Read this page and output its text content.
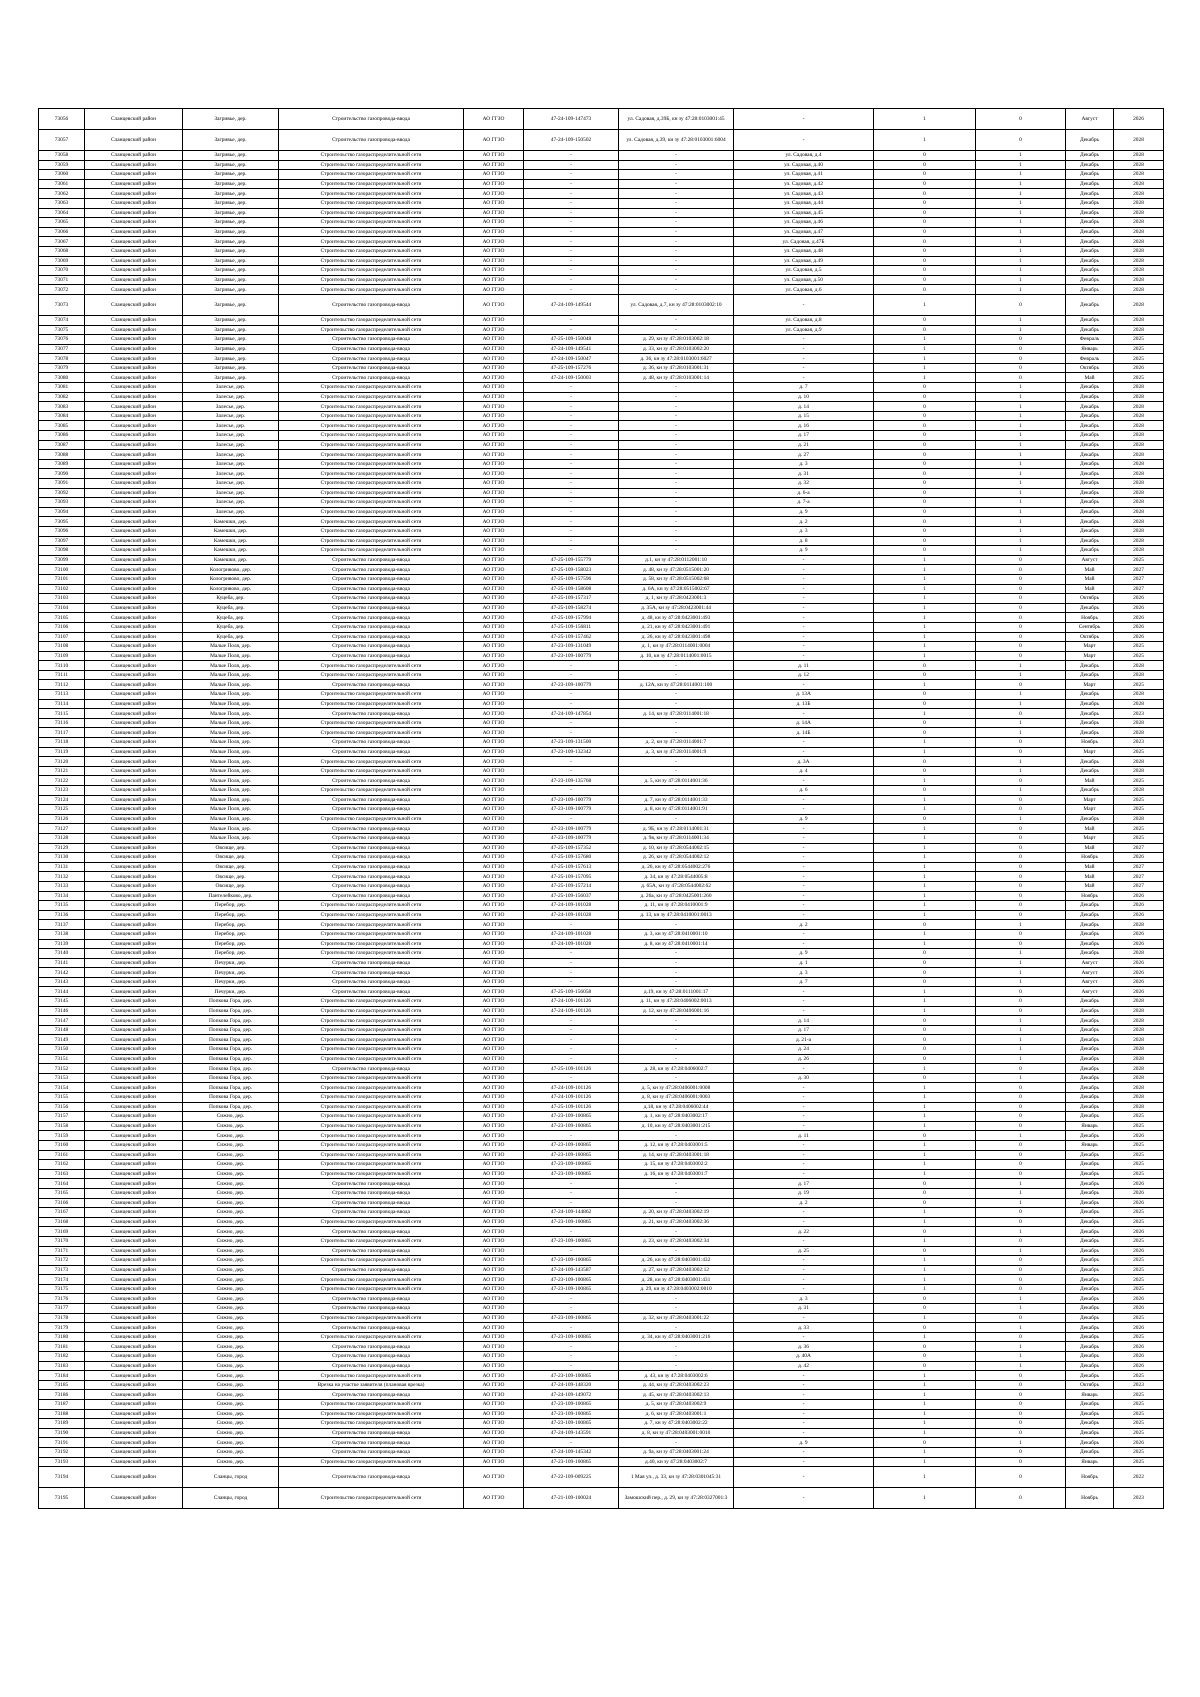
73056	Сланцевский район	Загривье, дер.	Строительство газопровода-ввода	АО ГГЗО	47-24-109-147473	ул. Садовая, д.39Б, кн зу 47:28:0103001:45	-	1	0	Август	2026
73057	Сланцевский район	Загривье, дер.	Строительство газопровода-ввода	АО ГГЗО	47-24-109-150502	ул. Садовая, д.39, кн зу 47:28:0103001:6004	-	1	0	Декабрь	2028
73058	Сланцевский район	Загривье, дер.	Строительство газораспределительной сети	АО ГГЗО	-	-	ул. Садовая, д.4	0	1	Декабрь	2028
73059	Сланцевский район	Загривье, дер.	Строительство газораспределительной сети	АО ГГЗО	-	-	ул. Садовая, д.40	0	1	Декабрь	2028
73060	Сланцевский район	Загривье, дер.	Строительство газораспределительной сети	АО ГГЗО	-	-	ул. Садовая, д.41	0	1	Декабрь	2028
73061	Сланцевский район	Загривье, дер.	Строительство газораспределительной сети	АО ГГЗО	-	-	ул. Садовая, д.42	0	1	Декабрь	2028
73062	Сланцевский район	Загривье, дер.	Строительство газораспределительной сети	АО ГГЗО	-	-	ул. Садовая, д.43	0	1	Декабрь	2028
73063	Сланцевский район	Загривье, дер.	Строительство газораспределительной сети	АО ГГЗО	-	-	ул. Садовая, д.44	0	1	Декабрь	2028
73064	Сланцевский район	Загривье, дер.	Строительство газораспределительной сети	АО ГГЗО	-	-	ул. Садовая, д.45	0	1	Декабрь	2028
73065	Сланцевский район	Загривье, дер.	Строительство газораспределительной сети	АО ГГЗО	-	-	ул. Садовая, д.46	0	1	Декабрь	2028
73066	Сланцевский район	Загривье, дер.	Строительство газораспределительной сети	АО ГГЗО	-	-	ул. Садовая, д.47	0	1	Декабрь	2028
73067	Сланцевский район	Загривье, дер.	Строительство газораспределительной сети	АО ГГЗО	-	-	ул. Садовая, д.47Б	0	1	Декабрь	2028
73068	Сланцевский район	Загривье, дер.	Строительство газораспределительной сети	АО ГГЗО	-	-	ул. Садовая, д.48	0	1	Декабрь	2028
73069	Сланцевский район	Загривье, дер.	Строительство газораспределительной сети	АО ГГЗО	-	-	ул. Садовая, д.49	0	1	Декабрь	2028
73070	Сланцевский район	Загривье, дер.	Строительство газораспределительной сети	АО ГГЗО	-	-	ул. Садовая, д.5	0	1	Декабрь	2028
73071	Сланцевский район	Загривье, дер.	Строительство газораспределительной сети	АО ГГЗО	-	-	ул. Садовая, д.50	0	1	Декабрь	2028
73072	Сланцевский район	Загривье, дер.	Строительство газораспределительной сети	АО ГГЗО	-	-	ул. Садовая, д.6	0	1	Декабрь	2028
73073	Сланцевский район	Загривье, дер.	Строительство газопровода-ввода	АО ГГЗО	47-24-109-149544	ул. Садовая, д.7, кн зу 47:28:0103002:10	-	1	0	Декабрь	2028
73074	Сланцевский район	Загривье, дер.	Строительство газораспределительной сети	АО ГГЗО	-	-	ул. Садовая, д.8	0	1	Декабрь	2028
73075	Сланцевский район	Загривье, дер.	Строительство газораспределительной сети	АО ГГЗО	-	-	ул. Садовая, д.9	0	1	Декабрь	2028
73076	Сланцевский район	Загривье, дер.	Строительство газопровода-ввода	АО ГГЗО	47-25-109-150048	д. 29, кн зу 47:28:0103002:18	-	1	0	Февраль	2025
73077	Сланцевский район	Загривье, дер.	Строительство газопровода-ввода	АО ГГЗО	47-24-109-149541	д. 33, кн зу 47:28:0103002:20	-	1	0	Январь	2025
73078	Сланцевский район	Загривье, дер.	Строительство газопровода-ввода	АО ГГЗО	47-24-109-150047	д. 36, кн зу 47:28:0103001:6027	-	1	0	Февраль	2025
73079	Сланцевский район	Загривье, дер.	Строительство газопровода-ввода	АО ГГЗО	47-25-109-157276	д. 36, кн зу 47:28:0103001:31	-	1	0	Октябрь	2026
73080	Сланцевский район	Загривье, дер.	Строительство газопровода-ввода	АО ГГЗО	47-24-109-150003	д. 48, кн зу 47:28:0103001:14	-	1	0	Май	2025
73081	Сланцевский район	Залесье, дер.	Строительство газораспределительной сети	АО ГГЗО	-	-	д. 7	0	1	Декабрь	2028
73082	Сланцевский район	Залесье, дер.	Строительство газораспределительной сети	АО ГГЗО	-	-	д. 10	0	1	Декабрь	2028
73083	Сланцевский район	Залесье, дер.	Строительство газораспределительной сети	АО ГГЗО	-	-	д. 14	0	1	Декабрь	2028
73084	Сланцевский район	Залесье, дер.	Строительство газораспределительной сети	АО ГГЗО	-	-	д. 15	0	1	Декабрь	2028
73085	Сланцевский район	Залесье, дер.	Строительство газораспределительной сети	АО ГГЗО	-	-	д. 16	0	1	Декабрь	2028
73086	Сланцевский район	Залесье, дер.	Строительство газораспределительной сети	АО ГГЗО	-	-	д. 17	0	1	Декабрь	2028
73087	Сланцевский район	Залесье, дер.	Строительство газораспределительной сети	АО ГГЗО	-	-	д. 21	0	1	Декабрь	2028
73088	Сланцевский район	Залесье, дер.	Строительство газораспределительной сети	АО ГГЗО	-	-	д. 27	0	1	Декабрь	2028
73089	Сланцевский район	Залесье, дер.	Строительство газораспределительной сети	АО ГГЗО	-	-	д. 3	0	1	Декабрь	2028
73090	Сланцевский район	Залесье, дер.	Строительство газораспределительной сети	АО ГГЗО	-	-	д. 31	0	1	Декабрь	2028
73091	Сланцевский район	Залесье, дер.	Строительство газораспределительной сети	АО ГГЗО	-	-	д. 32	0	1	Декабрь	2028
73092	Сланцевский район	Залесье, дер.	Строительство газораспределительной сети	АО ГГЗО	-	-	д. 6-а	0	1	Декабрь	2028
73093	Сланцевский район	Залесье, дер.	Строительство газораспределительной сети	АО ГГЗО	-	-	д. 7-а	0	1	Декабрь	2028
73094	Сланцевский район	Залесье, дер.	Строительство газораспределительной сети	АО ГГЗО	-	-	д. 9	0	1	Декабрь	2028
73095	Сланцевский район	Камешки, дер.	Строительство газораспределительной сети	АО ГГЗО	-	-	д. 2	0	1	Декабрь	2028
73096	Сланцевский район	Камешки, дер.	Строительство газораспределительной сети	АО ГГЗО	-	-	д. 3	0	1	Декабрь	2028
73097	Сланцевский район	Камешки, дер.	Строительство газораспределительной сети	АО ГГЗО	-	-	д. 8	0	1	Декабрь	2028
73098	Сланцевский район	Камешки, дер.	Строительство газораспределительной сети	АО ГГЗО	-	-	д. 9	0	1	Декабрь	2028
73099	Сланцевский район	Камешки, дер.	Строительство газопровода-ввода	АО ГГЗО	47-25-109-155779	д.1, кн зу 47:28:0112001:10	-	1	0	Август	2025
73100	Сланцевский район	Кологривово, дер.	Строительство газопровода-ввода	АО ГГЗО	47-25-109-158023	д. 48, кн зу 47:28:0515001:20	-	1	0	Май	2027
73101	Сланцевский район	Кологривово, дер.	Строительство газопровода-ввода	АО ГГЗО	47-25-109-157596	д. 58, кн зу 47:28:0515002:68	-	1	0	Май	2027
73102	Сланцевский район	Кологривово, дер.	Строительство газопровода-ввода	АО ГГЗО	47-25-109-158608	д. 6А, кн зу 47:28:0515002:67	-	1	0	Май	2027
73103	Сланцевский район	Куцеба, дер.	Строительство газопровода-ввода	АО ГГЗО	47-25-109-157317	д. 1, кн зу 47:28:0423001:3	-	1	0	Октябрь	2026
73104	Сланцевский район	Куцеба, дер.	Строительство газопровода-ввода	АО ГГЗО	47-25-109-158274	д. 35А, кн зу 47:28:0423001:44	-	1	0	Декабрь	2026
73105	Сланцевский район	Куцеба, дер.	Строительство газопровода-ввода	АО ГГЗО	47-25-109-157994	д. 48, кн зу 47:28:0423001:493	-	1	0	Ноябрь	2026
73106	Сланцевский район	Куцеба, дер.	Строительство газопровода-ввода	АО ГГЗО	47-25-109-156811	д. 21, кн зу 47:28:0423001:491	-	1	0	Сентябрь	2026
73107	Сланцевский район	Куцеба, дер.	Строительство газопровода-ввода	АО ГГЗО	47-25-109-157462	д. 26, кн зу 47:28:0423001:498	-	1	0	Октябрь	2026
73108	Сланцевский район	Малые Поля, дер.	Строительство газопровода-ввода	АО ГГЗО	47-23-109-131049	д. 1, кн зу 47:28:0114001:0004	-	1	0	Март	2025
73109	Сланцевский район	Малые Поля, дер.	Строительство газопровода-ввода	АО ГГЗО	47-23-109-100779	д. 10, кн зу 47:28:0114001:0015	-	1	0	Март	2025
73110	Сланцевский район	Малые Поля, дер.	Строительство газораспределительной сети	АО ГГЗО	-	-	д. 11	0	1	Декабрь	2028
73111	Сланцевский район	Малые Поля, дер.	Строительство газораспределительной сети	АО ГГЗО	-	-	д. 12	0	1	Декабрь	2028
73112	Сланцевский район	Малые Поля, дер.	Строительство газопровода-ввода	АО ГГЗО	47-23-109-100779	д. 12А, кн зу 47:28:0114001:100	-	1	0	Март	2025
73113	Сланцевский район	Малые Поля, дер.	Строительство газораспределительной сети	АО ГГЗО	-	-	д. 13А	0	1	Декабрь	2028
73114	Сланцевский район	Малые Поля, дер.	Строительство газораспределительной сети	АО ГГЗО	-	-	д. 13Б	0	1	Декабрь	2028
73115	Сланцевский район	Малые Поля, дер.	Строительство газопровода-ввода	АО ГГЗО	47-24-109-147854	д. 14, кн зу 47:28:0114001:18	-	1	0	Декабрь	2023
73116	Сланцевский район	Малые Поля, дер.	Строительство газораспределительной сети	АО ГГЗО	-	-	д. 14А	0	1	Декабрь	2028
73117	Сланцевский район	Малые Поля, дер.	Строительство газораспределительной сети	АО ГГЗО	-	-	д. 14Б	0	1	Декабрь	2028
73118	Сланцевский район	Малые Поля, дер.	Строительство газопровода-ввода	АО ГГЗО	47-23-109-131500	д. 2, кн зу 47:28:0114001:7	-	1	0	Ноябрь	2023
73119	Сланцевский район	Малые Поля, дер.	Строительство газопровода-ввода	АО ГГЗО	47-23-109-132342	д. 3, кн зу 47:28:0114001:9	-	1	0	Март	2025
73120	Сланцевский район	Малые Поля, дер.	Строительство газораспределительной сети	АО ГГЗО	-	-	д. 3А	0	1	Декабрь	2028
73121	Сланцевский район	Малые Поля, дер.	Строительство газораспределительной сети	АО ГГЗО	-	-	д. 4	0	1	Декабрь	2028
73122	Сланцевский район	Малые Поля, дер.	Строительство газопровода-ввода	АО ГГЗО	47-23-109-135768	д. 5, кн зу 47:28:0114001:36	-	1	0	Май	2025
73123	Сланцевский район	Малые Поля, дер.	Строительство газораспределительной сети	АО ГГЗО	-	-	д. 6	0	1	Декабрь	2028
73124	Сланцевский район	Малые Поля, дер.	Строительство газопровода-ввода	АО ГГЗО	47-23-109-100779	д. 7, кн зу 47:28:0114001:33	-	1	0	Март	2025
73125	Сланцевский район	Малые Поля, дер.	Строительство газопровода-ввода	АО ГГЗО	47-23-109-100779	д. 8, кн зу 47:28:0114001:91	-	1	0	Март	2025
73126	Сланцевский район	Малые Поля, дер.	Строительство газораспределительной сети	АО ГГЗО	-	-	д. 9	0	1	Декабрь	2028
73127	Сланцевский район	Малые Поля, дер.	Строительство газопровода-ввода	АО ГГЗО	47-23-109-100779	д. 9Б, кн зу 47:28:0114001:31	-	1	0	Май	2025
73128	Сланцевский район	Малые Поля, дер.	Строительство газопровода-ввода	АО ГГЗО	47-23-109-100779	д. 9в, кн зу 47:28:0114001:34	-	1	0	Март	2025
73129	Сланцевский район	Овсище, дер.	Строительство газопровода-ввода	АО ГГЗО	47-25-109-157352	д. 10, кн зу 47:28:0544002:15	-	1	0	Май	2027
73130	Сланцевский район	Овсище, дер.	Строительство газопровода-ввода	АО ГГЗО	47-25-109-157680	д. 26, кн зу 47:28:0544002:12	-	1	0	Ноябрь	2026
73131	Сланцевский район	Овсище, дер.	Строительство газопровода-ввода	АО ГГЗО	47-25-109-157613	д. 26, кн зу 47:28:0544002:276	-	1	0	Май	2027
73132	Сланцевский район	Овсище, дер.	Строительство газопровода-ввода	АО ГГЗО	47-25-109-157095	д. 34, кн зу 47:28:0544005:8	-	1	0	Май	2027
73133	Сланцевский район	Овсище, дер.	Строительство газопровода-ввода	АО ГГЗО	47-25-109-157214	д. 65А, кн зу 47:28:0544002:62	-	1	0	Май	2027
73134	Сланцевский район	Пантелейково, дер.	Строительство газопровода-ввода	АО ГГЗО	47-25-109-156037	д. 26а, кн зу 47:28:0425001:260	-	1	0	Ноябрь	2026
73135	Сланцевский район	Перебор, дер.	Строительство газораспределительной сети	АО ГГЗО	47-24-109-101028	д. 11, кн зу 47:28:0410001:9	-	1	0	Декабрь	2026
73136	Сланцевский район	Перебор, дер.	Строительство газораспределительной сети	АО ГГЗО	47-24-109-101028	д. 13, кн зу 47:28:0410001:0013	-	1	0	Декабрь	2026
73137	Сланцевский район	Перебор, дер.	Строительство газораспределительной сети	АО ГГЗО	-	-	д. 2	0	1	Декабрь	2028
73138	Сланцевский район	Перебор, дер.	Строительство газораспределительной сети	АО ГГЗО	47-24-109-101028	д. 3, кн зу 47:28:0410001:10	-	1	0	Декабрь	2026
73139	Сланцевский район	Перебор, дер.	Строительство газораспределительной сети	АО ГГЗО	47-24-109-101028	д. 8, кн зу 47:28:0410001:14	-	1	0	Декабрь	2026
73140	Сланцевский район	Перебор, дер.	Строительство газораспределительной сети	АО ГГЗО	-	-	д. 9	0	1	Декабрь	2028
73141	Сланцевский район	Печурки, дер.	Строительство газопровода-ввода	АО ГГЗО	-	-	д. 1	0	1	Август	2026
73142	Сланцевский район	Печурки, дер.	Строительство газопровода-ввода	АО ГГЗО	-	-	д. 3	0	1	Август	2026
73143	Сланцевский район	Печурки, дер.	Строительство газопровода-ввода	АО ГГЗО	-	-	д. 7	0	1	Август	2026
73144	Сланцевский район	Печурки, дер.	Строительство газопровода-ввода	АО ГГЗО	47-25-109-156058	д.19, кн зу 47:28:0111001:17	-	1	0	Август	2026
73145	Сланцевский район	Попкова Гора, дер.	Строительство газораспределительной сети	АО ГГЗО	47-24-109-101126	д. 11, кн зу 47:28:0406002:0013	-	1	0	Декабрь	2028
73146	Сланцевский район	Попкова Гора, дер.	Строительство газораспределительной сети	АО ГГЗО	47-24-109-101126	д. 12, кн зу 47:28:0406001:16	-	1	0	Декабрь	2028
73147	Сланцевский район	Попкова Гора, дер.	Строительство газораспределительной сети	АО ГГЗО	-	-	д. 14	0	1	Декабрь	2028
73148	Сланцевский район	Попкова Гора, дер.	Строительство газораспределительной сети	АО ГГЗО	-	-	д. 17	0	1	Декабрь	2028
73149	Сланцевский район	Попкова Гора, дер.	Строительство газораспределительной сети	АО ГГЗО	-	-	д. 21-а	0	1	Декабрь	2028
73150	Сланцевский район	Попкова Гора, дер.	Строительство газораспределительной сети	АО ГГЗО	-	-	д. 24	0	1	Декабрь	2028
73151	Сланцевский район	Попкова Гора, дер.	Строительство газораспределительной сети	АО ГГЗО	-	-	д. 26	0	1	Декабрь	2028
73152	Сланцевский район	Попкова Гора, дер.	Строительство газопровода-ввода	АО ГГЗО	47-25-109-101126	д. 28, кн зу 47:28:0406002:7	-	1	0	Декабрь	2028
73153	Сланцевский район	Попкова Гора, дер.	Строительство газораспределительной сети	АО ГГЗО	-	-	д. 30	0	1	Декабрь	2028
73154	Сланцевский район	Попкова Гора, дер.	Строительство газораспределительной сети	АО ГГЗО	47-24-109-101126	д. 5, кн зу 47:28:0406001:0008	-	1	0	Декабрь	2028
73155	Сланцевский район	Попкова Гора, дер.	Строительство газораспределительной сети	АО ГГЗО	47-24-109-101126	д. 8, кн зу 47:28:0406001:0003	-	1	0	Декабрь	2028
73156	Сланцевский район	Попкова Гора, дер.	Строительство газораспределительной сети	АО ГГЗО	47-25-109-101126	д.18, кн зу 47:28:0406002:44	-	1	0	Декабрь	2028
73157	Сланцевский район	Сижно, дер.	Строительство газораспределительной сети	АО ГГЗО	47-23-109-100865	д. 1, кн зу 47:28:0403002:17	-	1	0	Декабрь	2025
73158	Сланцевский район	Сижно, дер.	Строительство газораспределительной сети	АО ГГЗО	47-23-109-100865	д. 10, кн зу 47:28:0403001:215	-	1	0	Январь	2025
73159	Сланцевский район	Сижно, дер.	Строительство газораспределительной сети	АО ГГЗО	-	-	д. 11	0	1	Декабрь	2026
73160	Сланцевский район	Сижно, дер.	Строительство газораспределительной сети	АО ГГЗО	47-23-109-100865	д. 12, кн зу 47:28:0403001:5	-	1	0	Январь	2025
73161	Сланцевский район	Сижно, дер.	Строительство газораспределительной сети	АО ГГЗО	47-23-109-100865	д. 14, кн зу 47:28:0403001:18	-	1	0	Декабрь	2025
73162	Сланцевский район	Сижно, дер.	Строительство газораспределительной сети	АО ГГЗО	47-23-109-100865	д. 15, кн зу 47:28:0403002:2	-	1	0	Декабрь	2025
73163	Сланцевский район	Сижно, дер.	Строительство газораспределительной сети	АО ГГЗО	47-23-109-100865	д. 16, кн зу 47:28:0403001:7	-	1	0	Декабрь	2025
73164	Сланцевский район	Сижно, дер.	Строительство газопровода-ввода	АО ГГЗО	-	-	д. 17	0	1	Декабрь	2026
73165	Сланцевский район	Сижно, дер.	Строительство газопровода-ввода	АО ГГЗО	-	-	д. 19	0	1	Декабрь	2026
73166	Сланцевский район	Сижно, дер.	Строительство газопровода-ввода	АО ГГЗО	-	-	д. 2	0	1	Декабрь	2026
73167	Сланцевский район	Сижно, дер.	Строительство газопровода-ввода	АО ГГЗО	47-24-109-144862	д. 20, кн зу 47:28:0403002:19	-	1	0	Декабрь	2025
73168	Сланцевский район	Сижно, дер.	Строительство газораспределительной сети	АО ГГЗО	47-23-109-100865	д. 21, кн зу 47:28:0403002:36	-	1	0	Декабрь	2025
73169	Сланцевский район	Сижно, дер.	Строительство газопровода-ввода	АО ГГЗО	-	-	д. 22	0	1	Декабрь	2026
73170	Сланцевский район	Сижно, дер.	Строительство газораспределительной сети	АО ГГЗО	47-23-109-100865	д. 23, кн зу 47:28:0403002:34	-	1	0	Декабрь	2025
73171	Сланцевский район	Сижно, дер.	Строительство газопровода-ввода	АО ГГЗО	-	-	д. 25	0	1	Декабрь	2026
73172	Сланцевский район	Сижно, дер.	Строительство газораспределительной сети	АО ГГЗО	47-23-109-100865	д. 26, кн зу 47:28:0403001:432	-	1	0	Декабрь	2025
73173	Сланцевский район	Сижно, дер.	Строительство газопровода-ввода	АО ГГЗО	47-24-109-143587	д. 27, кн зу 47:28:0403002:12	-	1	0	Декабрь	2025
73174	Сланцевский район	Сижно, дер.	Строительство газораспределительной сети	АО ГГЗО	47-23-109-100865	д. 28, кн зу 47:28:0403001:431	-	1	0	Декабрь	2025
73175	Сланцевский район	Сижно, дер.	Строительство газораспределительной сети	АО ГГЗО	47-23-109-100865	д. 29, кн зу 47:28:0403002:0010	-	1	0	Декабрь	2025
73176	Сланцевский район	Сижно, дер.	Строительство газопровода-ввода	АО ГГЗО	-	-	д. 3	0	1	Декабрь	2026
73177	Сланцевский район	Сижно, дер.	Строительство газопровода-ввода	АО ГГЗО	-	-	д. 31	0	1	Декабрь	2026
73178	Сланцевский район	Сижно, дер.	Строительство газораспределительной сети	АО ГГЗО	47-23-109-100865	д. 32, кн зу 47:28:0403001:22	-	1	0	Декабрь	2025
73179	Сланцевский район	Сижно, дер.	Строительство газопровода-ввода	АО ГГЗО	-	-	д. 33	0	1	Декабрь	2026
73180	Сланцевский район	Сижно, дер.	Строительство газораспределительной сети	АО ГГЗО	47-23-109-100865	д. 34, кн зу 47:28:0403001:216	-	1	0	Декабрь	2025
73181	Сланцевский район	Сижно, дер.	Строительство газопровода-ввода	АО ГГЗО	-	-	д. 36	0	1	Декабрь	2026
73182	Сланцевский район	Сижно, дер.	Строительство газопровода-ввода	АО ГГЗО	-	-	д. 40А	0	1	Декабрь	2026
73183	Сланцевский район	Сижно, дер.	Строительство газопровода-ввода	АО ГГЗО	-	-	д. 42	0	1	Декабрь	2026
73184	Сланцевский район	Сижно, дер.	Строительство газораспределительной сети	АО ГГЗО	47-23-109-100865	д. 43, кн зу 47:28:0403002:6	-	1	0	Декабрь	2025
73185	Сланцевский район	Сижно, дер.	Врезка на участке заявителя (плановая врезка)	АО ГГЗО	47-24-109-148320	д. 44, кн зу 47:28:0403002:23	-	1	0	Октябрь	2023
73186	Сланцевский район	Сижно, дер.	Строительство газопровода-ввода	АО ГГЗО	47-24-109-149072	д. 45, кн зу 47:28:0403002:13	-	1	0	Январь	2025
73187	Сланцевский район	Сижно, дер.	Строительство газораспределительной сети	АО ГГЗО	47-23-109-100865	д. 5, кн зу 47:28:0403002:9	-	1	0	Декабрь	2025
73188	Сланцевский район	Сижно, дер.	Строительство газораспределительной сети	АО ГГЗО	47-23-109-100865	д. 6, кн зу 47:28:0403001:1	-	1	0	Декабрь	2025
73189	Сланцевский район	Сижно, дер.	Строительство газораспределительной сети	АО ГГЗО	47-23-109-100865	д. 7, кн зу 47:28:0403002:22	-	1	0	Декабрь	2025
73190	Сланцевский район	Сижно, дер.	Строительство газопровода-ввода	АО ГГЗО	47-24-109-143591	д. 8, кн зу 47:28:0403001:0010	-	1	0	Декабрь	2025
73191	Сланцевский район	Сижно, дер.	Строительство газопровода-ввода	АО ГГЗО	-	-	д. 9	0	1	Декабрь	2026
73192	Сланцевский район	Сижно, дер.	Строительство газопровода-ввода	АО ГГЗО	47-24-109-145342	д. 9а, кн зу 47:28:0403001:24	-	1	0	Декабрь	2025
73193	Сланцевский район	Сижно, дер.	Строительство газораспределительной сети	АО ГГЗО	47-23-109-100865	д.40, кн зу 47:28:0403002:7	-	1	0	Январь	2025
73194	Сланцевский район	Сланцы, город	Строительство газопровода-ввода	АО ГГЗО	47-22-109-009225	1 Мая ул., д. 33, кн зу 47:28:0301045:31	-	1	0	Ноябрь	2022
73195	Сланцевский район	Сланцы, город	Строительство газораспределительной сети	АО ГГЗО	47-21-109-100024	Замошский пер., д. 29, кн зу 47:28:0327001:3	-	1	0	Ноябрь	2023
